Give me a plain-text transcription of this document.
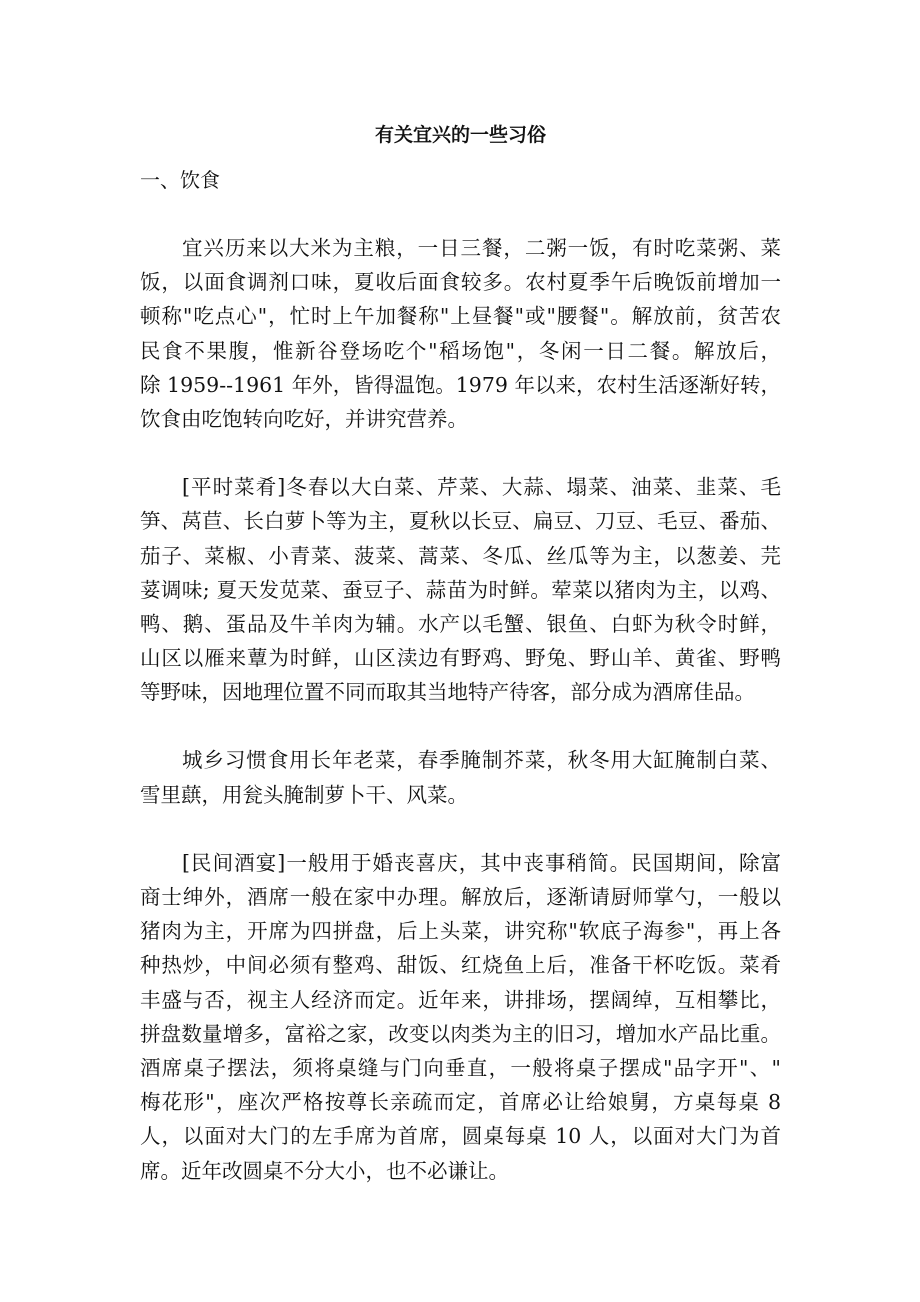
有关宜兴的一些习俗
一、饮食
宜兴历来以大米为主粮，一日三餐，二粥一饭，有时吃菜粥、菜
饭，以面食调剂口味，夏收后面食较多。农村夏季午后晚饭前增加一
顿称"吃点心"，忙时上午加餐称"上昼餐"或"腰餐"。解放前，贫苦农
民食不果腹，惟新谷登场吃个"稻场饱"，冬闲一日二餐。解放后，
除 1959--1961 年外，皆得温饱。1979 年以来，农村生活逐渐好转，
饮食由吃饱转向吃好，并讲究营养。
[平时菜肴]冬春以大白菜、芹菜、大蒜、塌菜、油菜、韭菜、毛
笋、莴苣、长白萝卜等为主，夏秋以长豆、扁豆、刀豆、毛豆、番茄、
茄子、菜椒、小青菜、菠菜、蒿菜、冬瓜、丝瓜等为主，以葱姜、芫
荽调味; 夏天发苋菜、蚕豆子、蒜苗为时鲜。荤菜以猪肉为主，以鸡、
鸭、鹅、蛋品及牛羊肉为辅。水产以毛蟹、银鱼、白虾为秋令时鲜，
山区以雁来蕈为时鲜，山区渎边有野鸡、野兔、野山羊、黄雀、野鸭
等野味，因地理位置不同而取其当地特产待客，部分成为酒席佳品。
城乡习惯食用长年老菜，春季腌制芥菜，秋冬用大缸腌制白菜、
雪里蕻，用瓮头腌制萝卜干、风菜。
[民间酒宴]一般用于婚丧喜庆，其中丧事稍简。民国期间，除富
商士绅外，酒席一般在家中办理。解放后，逐渐请厨师掌勺，一般以
猪肉为主，开席为四拼盘，后上头菜，讲究称"软底子海参"，再上各
种热炒，中间必须有整鸡、甜饭、红烧鱼上后，准备干杯吃饭。菜肴
丰盛与否，视主人经济而定。近年来，讲排场，摆阔绰，互相攀比，
拼盘数量增多，富裕之家，改变以肉类为主的旧习，增加水产品比重。
酒席桌子摆法，须将桌缝与门向垂直，一般将桌子摆成"品字开"、"
梅花形"，座次严格按尊长亲疏而定，首席必让给娘舅，方桌每桌 8
人，以面对大门的左手席为首席，圆桌每桌 10 人，以面对大门为首
席。近年改圆桌不分大小，也不必谦让。
